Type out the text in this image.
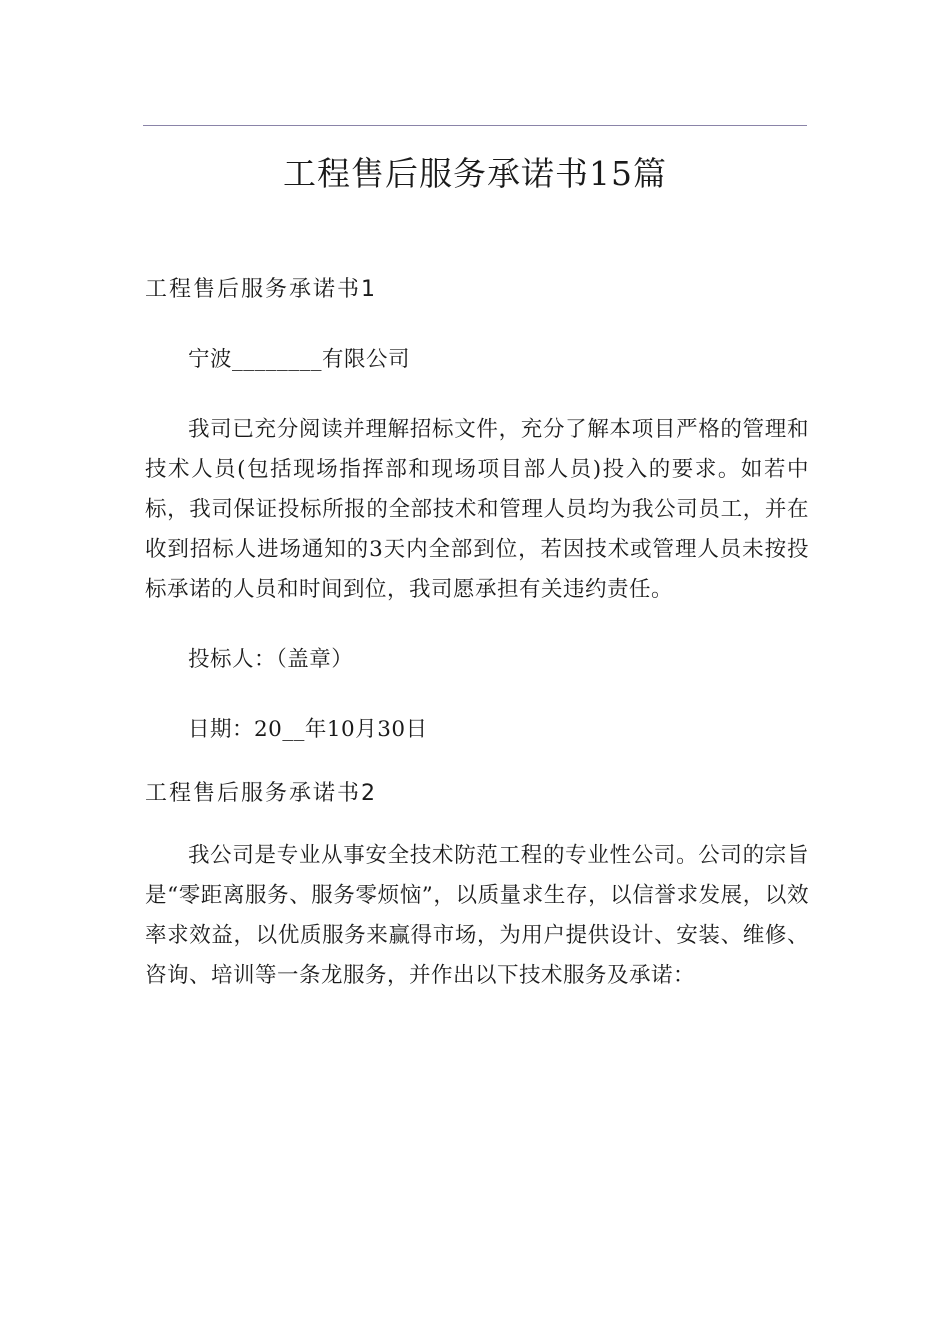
工程售后服务承诺书15篇
工程售后服务承诺书1

宁波________有限公司

我司已充分阅读并理解招标文件，充分了解本项目严格的管理和技术人员(包括现场指挥部和现场项目部人员)投入的要求。如若中标，我司保证投标所报的全部技术和管理人员均为我公司员工，并在收到招标人进场通知的3天内全部到位，若因技术或管理人员未按投标承诺的人员和时间到位，我司愿承担有关违约责任。

投标人：（盖章）

日期：20__年10月30日

工程售后服务承诺书2

我公司是专业从事安全技术防范工程的专业性公司。公司的宗旨是“零距离服务、服务零烦恼”，以质量求生存，以信誉求发展，以效率求效益，以优质服务来赢得市场，为用户提供设计、安装、维修、咨询、培训等一条龙服务，并作出以下技术服务及承诺：
